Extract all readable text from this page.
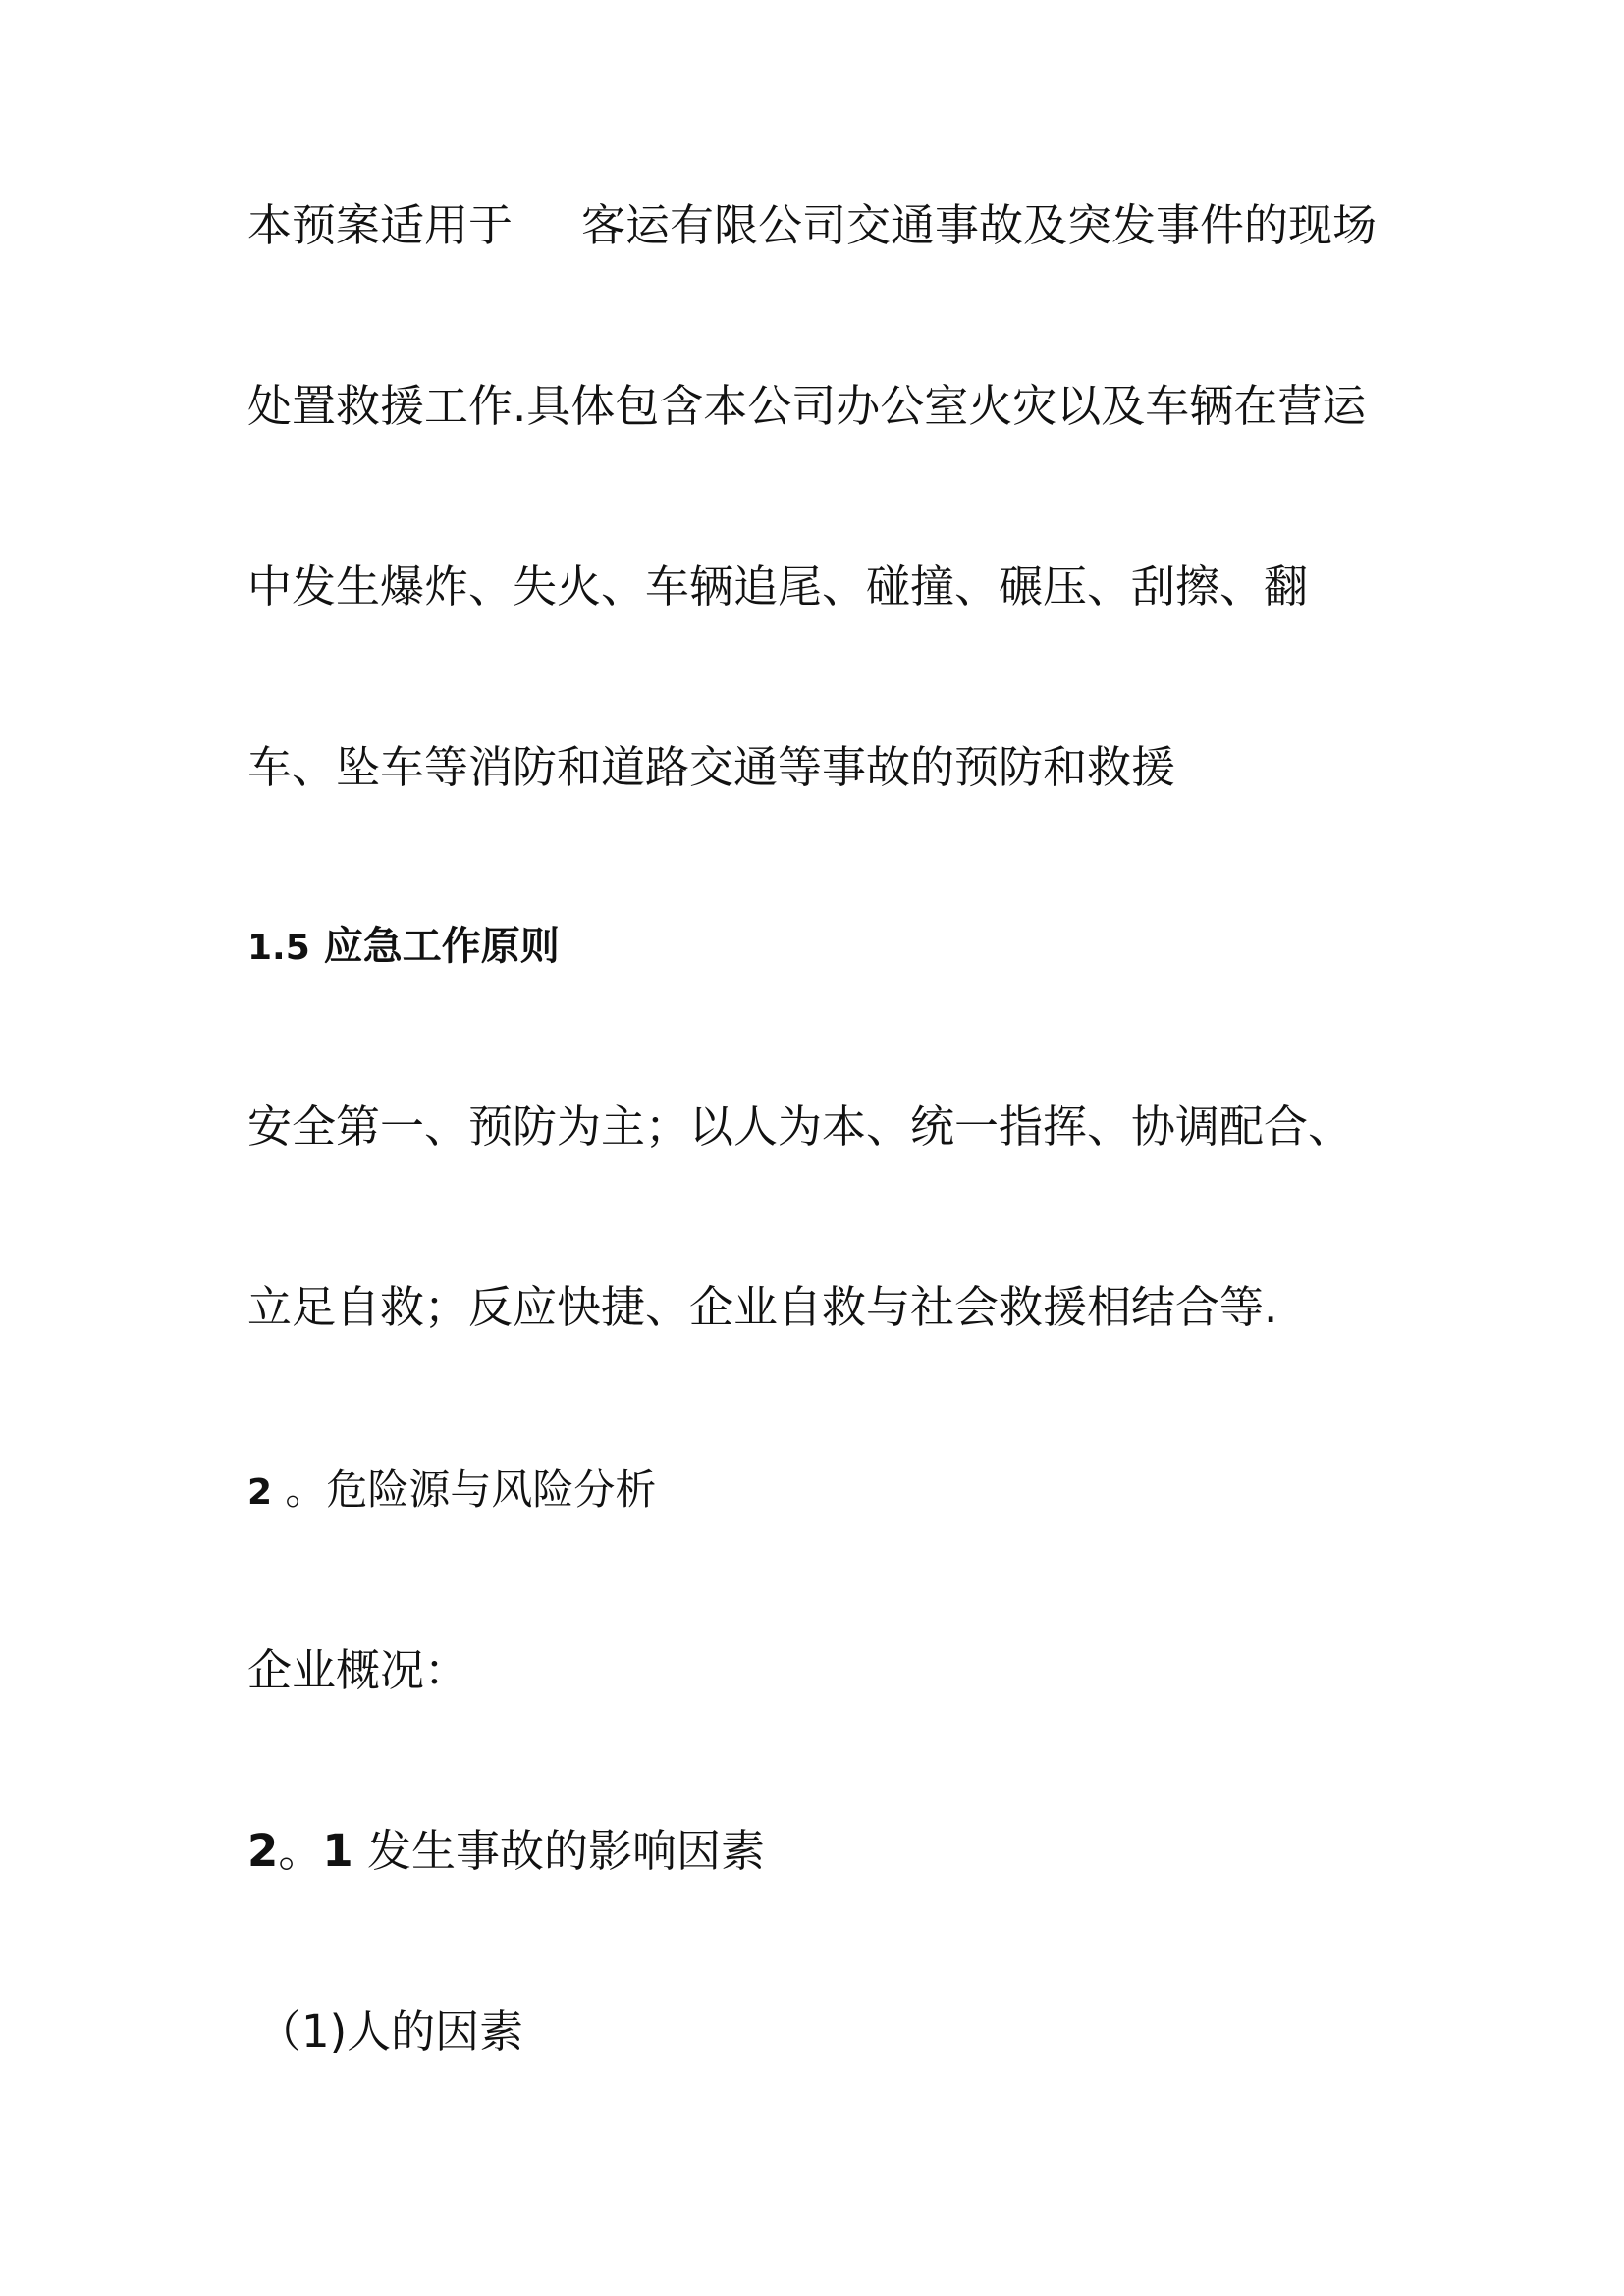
本预案适用于 客运有限公司交通事故及突发事件的现场
处置救援工作.具体包含本公司办公室火灾以及车辆在营运
中发生爆炸、失火、车辆追尾、碰撞、碾压、刮擦、翻
车、坠车等消防和道路交通等事故的预防和救援
1.5 应急工作原则
安全第一、预防为主；以人为本、统一指挥、协调配合、
立足自救；反应快捷、企业自救与社会救援相结合等.
2 。危险源与风险分析
企业概况：
2。1 发生事故的影响因素
（1)人的因素
